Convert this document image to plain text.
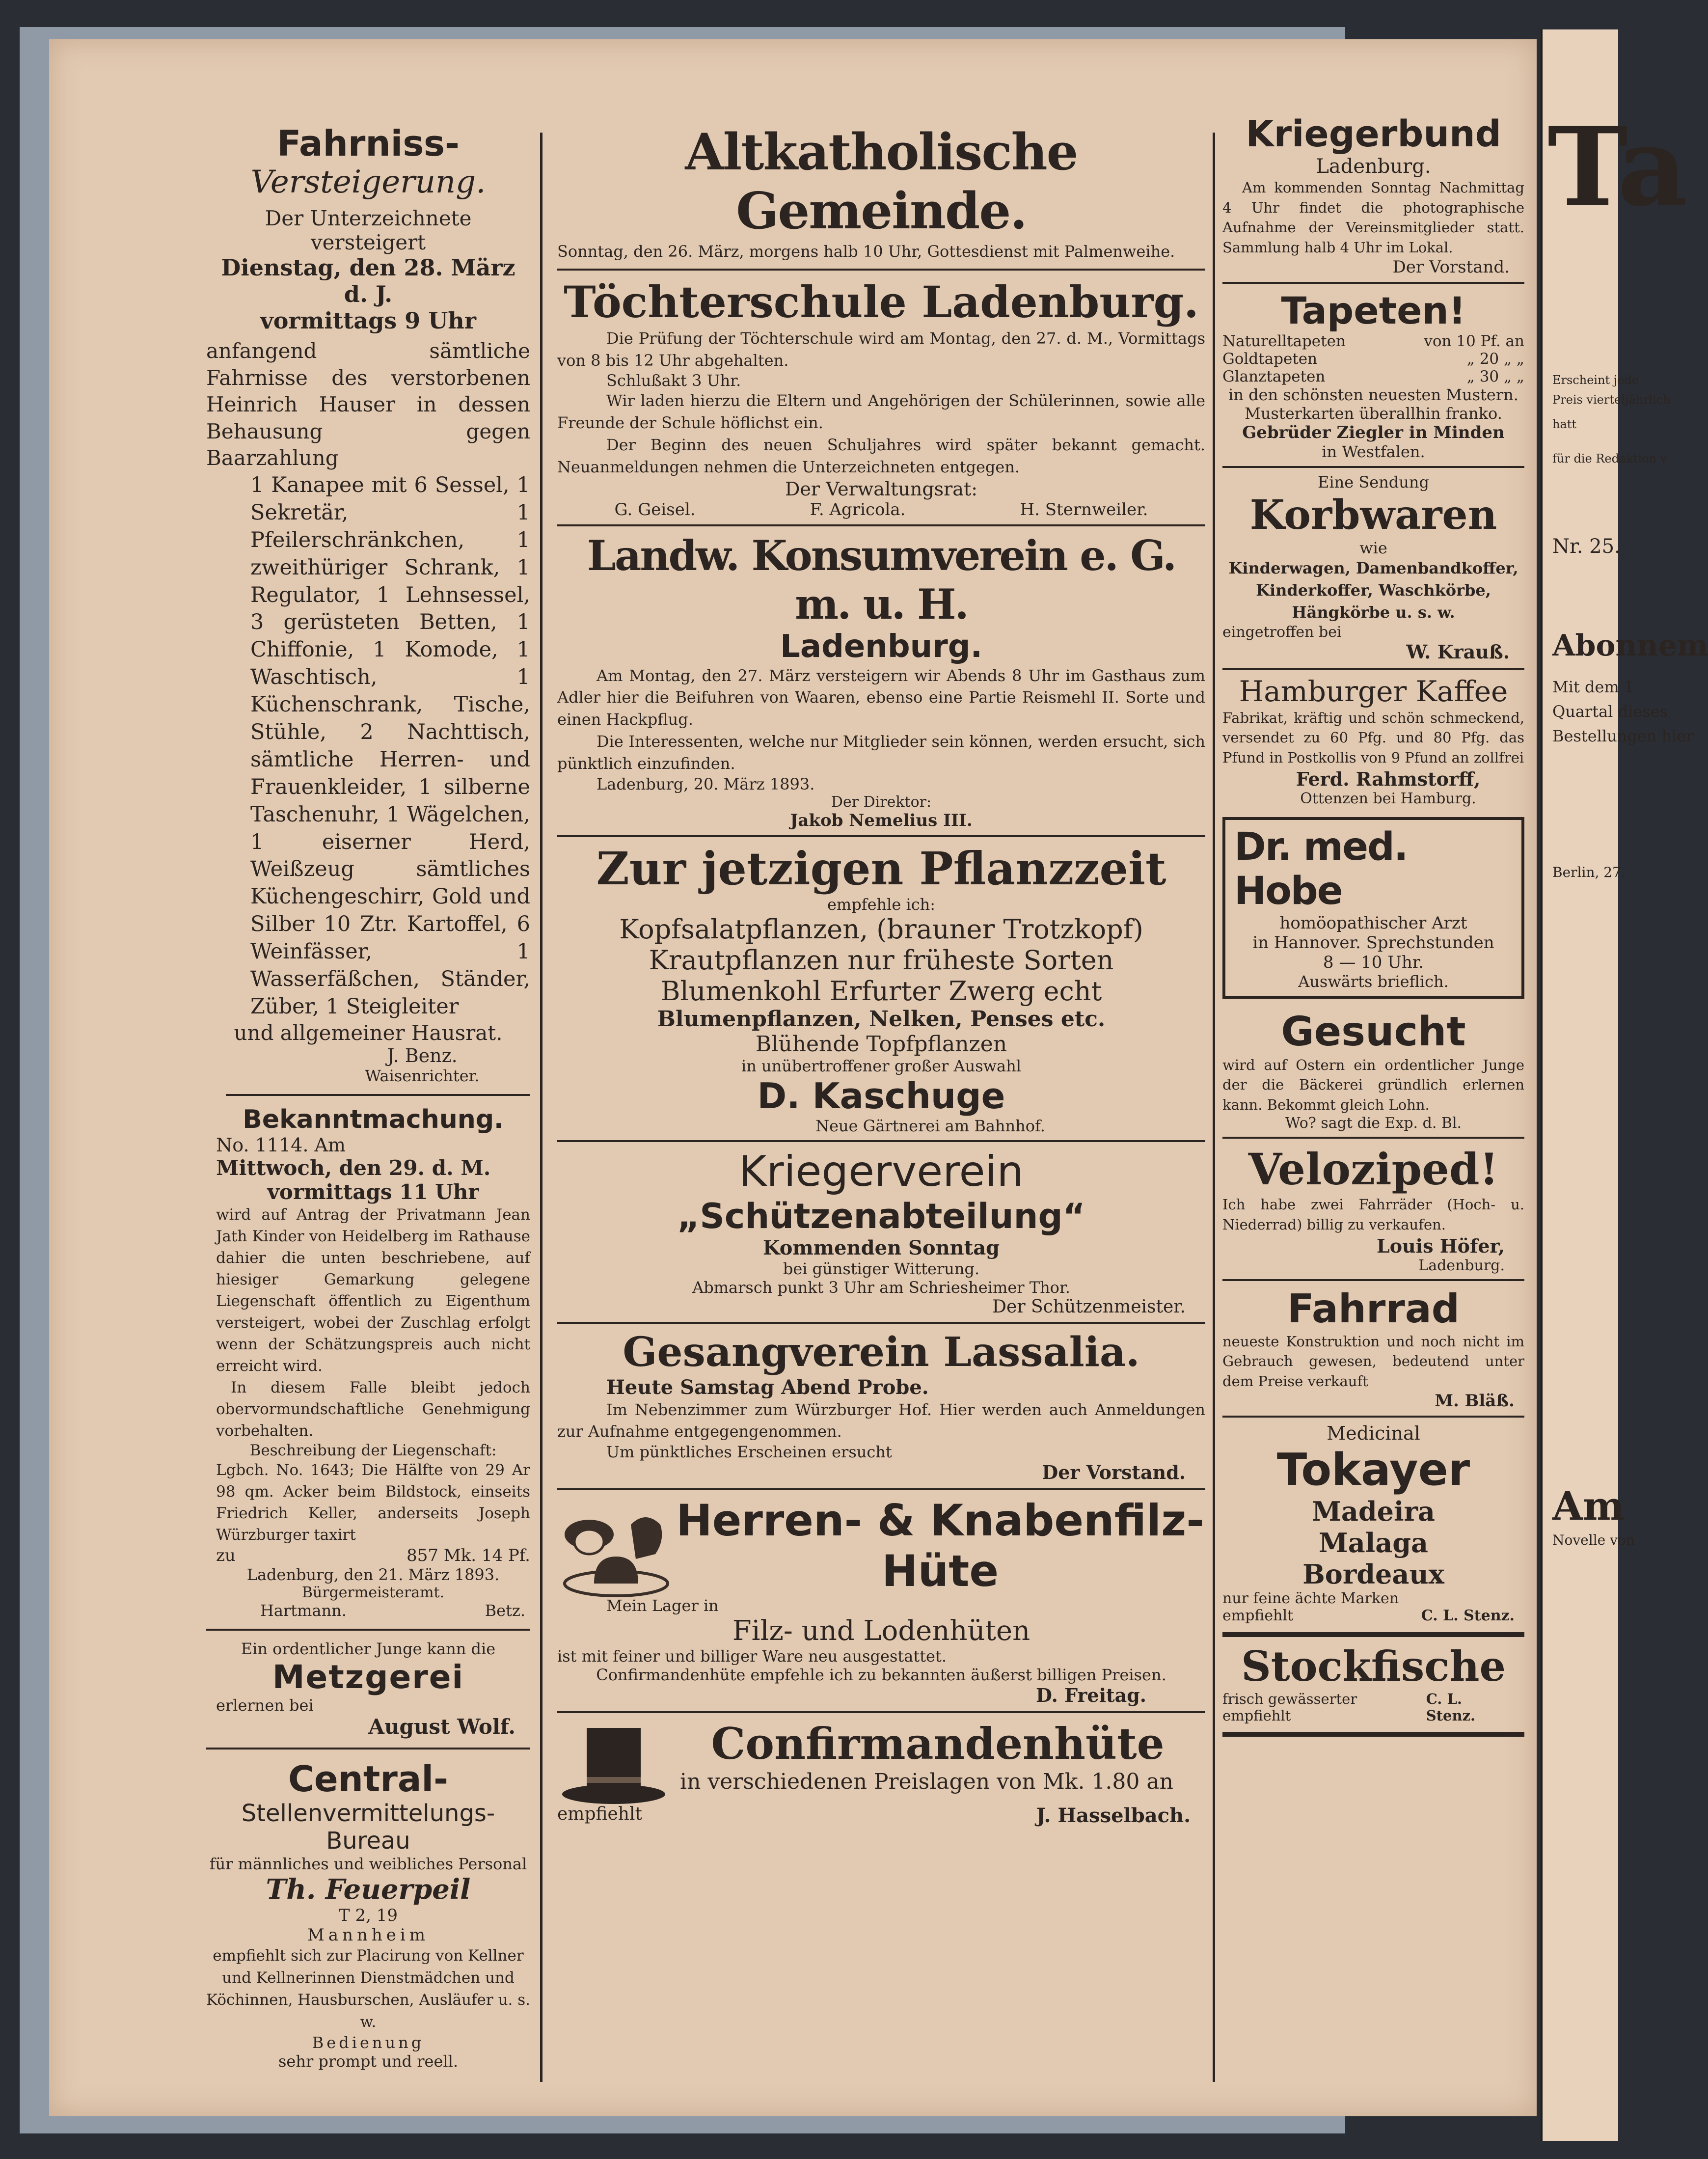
Fahrniss-

Versteigerung.

Der Unterzeichnete versteigert

Dienstag, den 28. März d. J.

vormittags 9 Uhr

anfangend sämtliche Fahrnisse des verstorbenen Heinrich Hauser in dessen Behausung gegen Baarzahlung

1 Kanapee mit 6 Sessel, 1 Sekretär, 1 Pfeilerschränkchen, 1 zweithüriger Schrank, 1 Regulator, 1 Lehnsessel, 3 gerüsteten Betten, 1 Chiffonie, 1 Komode, 1 Waschtisch, 1 Küchenschrank, Tische, Stühle, 2 Nachttisch, sämtliche Herren- und Frauenkleider, 1 silberne Taschenuhr, 1 Wägelchen, 1 eiserner Herd, Weißzeug sämtliches Küchengeschirr, Gold und Silber 10 Ztr. Kartoffel, 6 Weinfässer, 1 Wasserfäßchen, Ständer, Züber, 1 Steigleiter

und allgemeiner Hausrat.

J. Benz.

Waisenrichter.

Bekanntmachung.

No. 1114. Am

Mittwoch, den 29. d. M.

vormittags 11 Uhr

wird auf Antrag der Privatmann Jean Jath Kinder von Heidelberg im Rathause dahier die unten beschriebene, auf hiesiger Gemarkung gelegene Liegenschaft öffentlich zu Eigenthum versteigert, wobei der Zuschlag erfolgt wenn der Schätzungspreis auch nicht erreicht wird.

In diesem Falle bleibt jedoch obervormundschaftliche Genehmigung vorbehalten.

Beschreibung der Liegenschaft:

Lgbch. No. 1643; Die Hälfte von 29 Ar 98 qm. Acker beim Bildstock, einseits Friedrich Keller, anderseits Joseph Würzburger taxirt

zu	857 Mk. 14 Pf.

Ladenburg, den 21. März 1893.

Bürgermeisteramt.

Hartmann.	Betz.

Ein ordentlicher Junge kann die

Metzgerei

erlernen bei

August Wolf.

Central-

Stellenvermittelungs-

Bureau

für männliches und weibliches Personal

Th. Feuerpeil

T 2, 19

Mannheim

empfiehlt sich zur Placirung von Kellner und Kellnerinnen Dienstmädchen und Köchinnen, Hausburschen, Ausläufer u. s. w.

Bedienung

sehr prompt und reell.

Altkatholische Gemeinde.

Sonntag, den 26. März, morgens halb 10 Uhr, Gottesdienst mit Palmenweihe.

Töchterschule Ladenburg.

Die Prüfung der Töchterschule wird am Montag, den 27. d. M., Vormittags von 8 bis 12 Uhr abgehalten.

Schlußakt 3 Uhr.

Wir laden hierzu die Eltern und Angehörigen der Schülerinnen, sowie alle Freunde der Schule höflichst ein.

Der Beginn des neuen Schuljahres wird später bekannt gemacht. Neuanmeldungen nehmen die Unterzeichneten entgegen.

Der Verwaltungsrat:

G. Geisel.	F. Agricola.	H. Sternweiler.

Landw. Konsumverein e. G. m. u. H.

Ladenburg.

Am Montag, den 27. März versteigern wir Abends 8 Uhr im Gasthaus zum Adler hier die Beifuhren von Waaren, ebenso eine Partie Reismehl II. Sorte und einen Hackpflug.

Die Interessenten, welche nur Mitglieder sein können, werden ersucht, sich pünktlich einzufinden.

Ladenburg, 20. März 1893.

Der Direktor:

Jakob Nemelius III.

Zur jetzigen Pflanzzeit

empfehle ich:

Kopfsalatpflanzen, (brauner Trotzkopf)

Krautpflanzen nur früheste Sorten

Blumenkohl Erfurter Zwerg echt

Blumenpflanzen, Nelken, Penses etc.

Blühende Topfpflanzen

in unübertroffener großer Auswahl

D. Kaschuge

Neue Gärtnerei am Bahnhof.

Kriegerverein

„Schützenabteilung“

Kommenden Sonntag

bei günstiger Witterung.

Abmarsch punkt 3 Uhr am Schriesheimer Thor.

Der Schützenmeister.

Gesangverein Lassalia.

Heute Samstag Abend Probe.

Im Nebenzimmer zum Würzburger Hof. Hier werden auch Anmeldungen zur Aufnahme entgegengenommen.

Um pünktliches Erscheinen ersucht

Der Vorstand.

Herren- & Knabenfilz-

Hüte

Mein Lager in

Filz- und Lodenhüten

ist mit feiner und billiger Ware neu ausgestattet.

Confirmandenhüte empfehle ich zu bekannten äußerst billigen Preisen.

D. Freitag.

Confirmandenhüte

in verschiedenen Preislagen von Mk. 1.80 an

empfiehlt	J. Hasselbach.

Kriegerbund

Ladenburg.

Am kommenden Sonntag Nachmittag 4 Uhr findet die photographische Aufnahme der Vereinsmitglieder statt. Sammlung halb 4 Uhr im Lokal.

Der Vorstand.

Tapeten!

Naturelltapeten	von 10 Pf. an
Goldtapeten	„ 20 „ „
Glanztapeten	„ 30 „ „

in den schönsten neuesten Mustern.

Musterkarten überallhin franko.

Gebrüder Ziegler in Minden

in Westfalen.

Eine Sendung

Korbwaren

wie

Kinderwagen, Damenbandkoffer, Kinderkoffer, Waschkörbe, Hängkörbe u. s. w.

eingetroffen bei

W. Krauß.

Hamburger Kaffee

Fabrikat, kräftig und schön schmeckend, versendet zu 60 Pfg. und 80 Pfg. das Pfund in Postkollis von 9 Pfund an zollfrei

Ferd. Rahmstorff,

Ottenzen bei Hamburg.

Dr. med. Hobe

homöopathischer Arzt

in Hannover. Sprechstunden

8 — 10 Uhr.

Auswärts brieflich.

Gesucht

wird auf Ostern ein ordentlicher Junge der die Bäckerei gründlich erlernen kann. Bekommt gleich Lohn.

Wo? sagt die Exp. d. Bl.

Veloziped!

Ich habe zwei Fahrräder (Hoch- u. Niederrad) billig zu verkaufen.

Louis Höfer,

Ladenburg.

Fahrrad

neueste Konstruktion und noch nicht im Gebrauch gewesen, bedeutend unter dem Preise verkauft

M. Bläß.

Medicinal

Tokayer

Madeira

Malaga

Bordeaux

nur feine ächte Marken

empfiehlt	C. L. Stenz.

Stockfische

frisch gewässerter empfiehlt
C. L. Stenz.
Ta
Erscheint jede
Preis vierteljährlich
hatt
für die Redaktion v
Nr. 25.
Abonnem
Mit dem 1
Quartal dieses
Bestellungen hier
Berlin, 27.
Am
Novelle von
